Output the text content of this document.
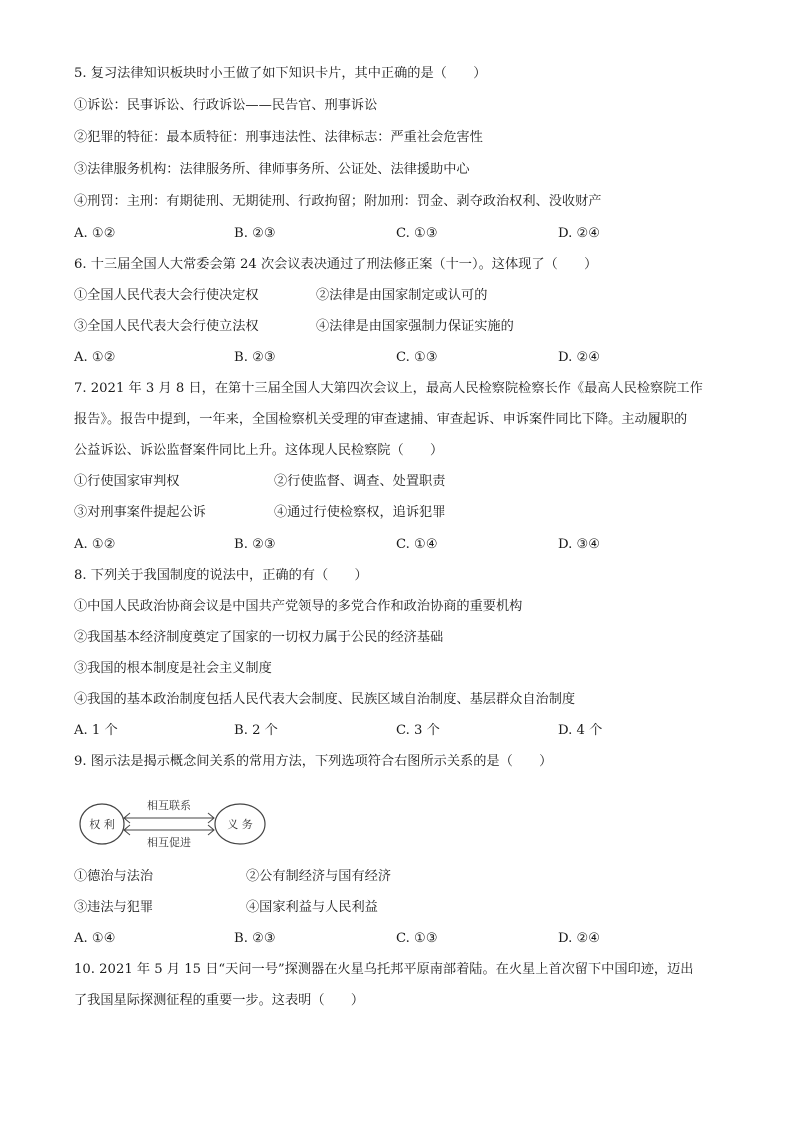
5. 复习法律知识板块时小王做了如下知识卡片，其中正确的是（　　）
①诉讼：民事诉讼、行政诉讼——民告官、刑事诉讼
②犯罪的特征：最本质特征：刑事违法性、法律标志：严重社会危害性
③法律服务机构：法律服务所、律师事务所、公证处、法律援助中心
④刑罚：主刑：有期徒刑、无期徒刑、行政拘留；附加刑：罚金、剥夺政治权利、没收财产
A. ①②	B. ②③	C. ①③	D. ②④
6. 十三届全国人大常委会第 24 次会议表决通过了刑法修正案（十一）。这体现了（　　）
①全国人民代表大会行使决定权	②法律是由国家制定或认可的
③全国人民代表大会行使立法权	④法律是由国家强制力保证实施的
A. ①②	B. ②③	C. ①③	D. ②④
7. 2021 年 3 月 8 日，在第十三届全国人大第四次会议上，最高人民检察院检察长作《最高人民检察院工作
报告》。报告中提到，一年来，全国检察机关受理的审查逮捕、审查起诉、申诉案件同比下降。主动履职的
公益诉讼、诉讼监督案件同比上升。这体现人民检察院（　　）
①行使国家审判权	②行使监督、调查、处置职责
③对刑事案件提起公诉	④通过行使检察权，追诉犯罪
A. ①②	B. ②③	C. ①④	D. ③④
8. 下列关于我国制度的说法中，正确的有（　　）
①中国人民政治协商会议是中国共产党领导的多党合作和政治协商的重要机构
②我国基本经济制度奠定了国家的一切权力属于公民的经济基础
③我国的根本制度是社会主义制度
④我国的基本政治制度包括人民代表大会制度、民族区域自治制度、基层群众自治制度
A. 1 个	B. 2 个	C. 3 个	D. 4 个
9. 图示法是揭示概念间关系的常用方法，下列选项符合右图所示关系的是（　　）
权 利	义 务
相互联系
相互促进
①德治与法治	②公有制经济与国有经济
③违法与犯罪	④国家利益与人民利益
A. ①④	B. ②③	C. ①③	D. ②④
10. 2021 年 5 月 15 日“天问一号”探测器在火星乌托邦平原南部着陆。在火星上首次留下中国印迹，迈出
了我国星际探测征程的重要一步。这表明（　　）
